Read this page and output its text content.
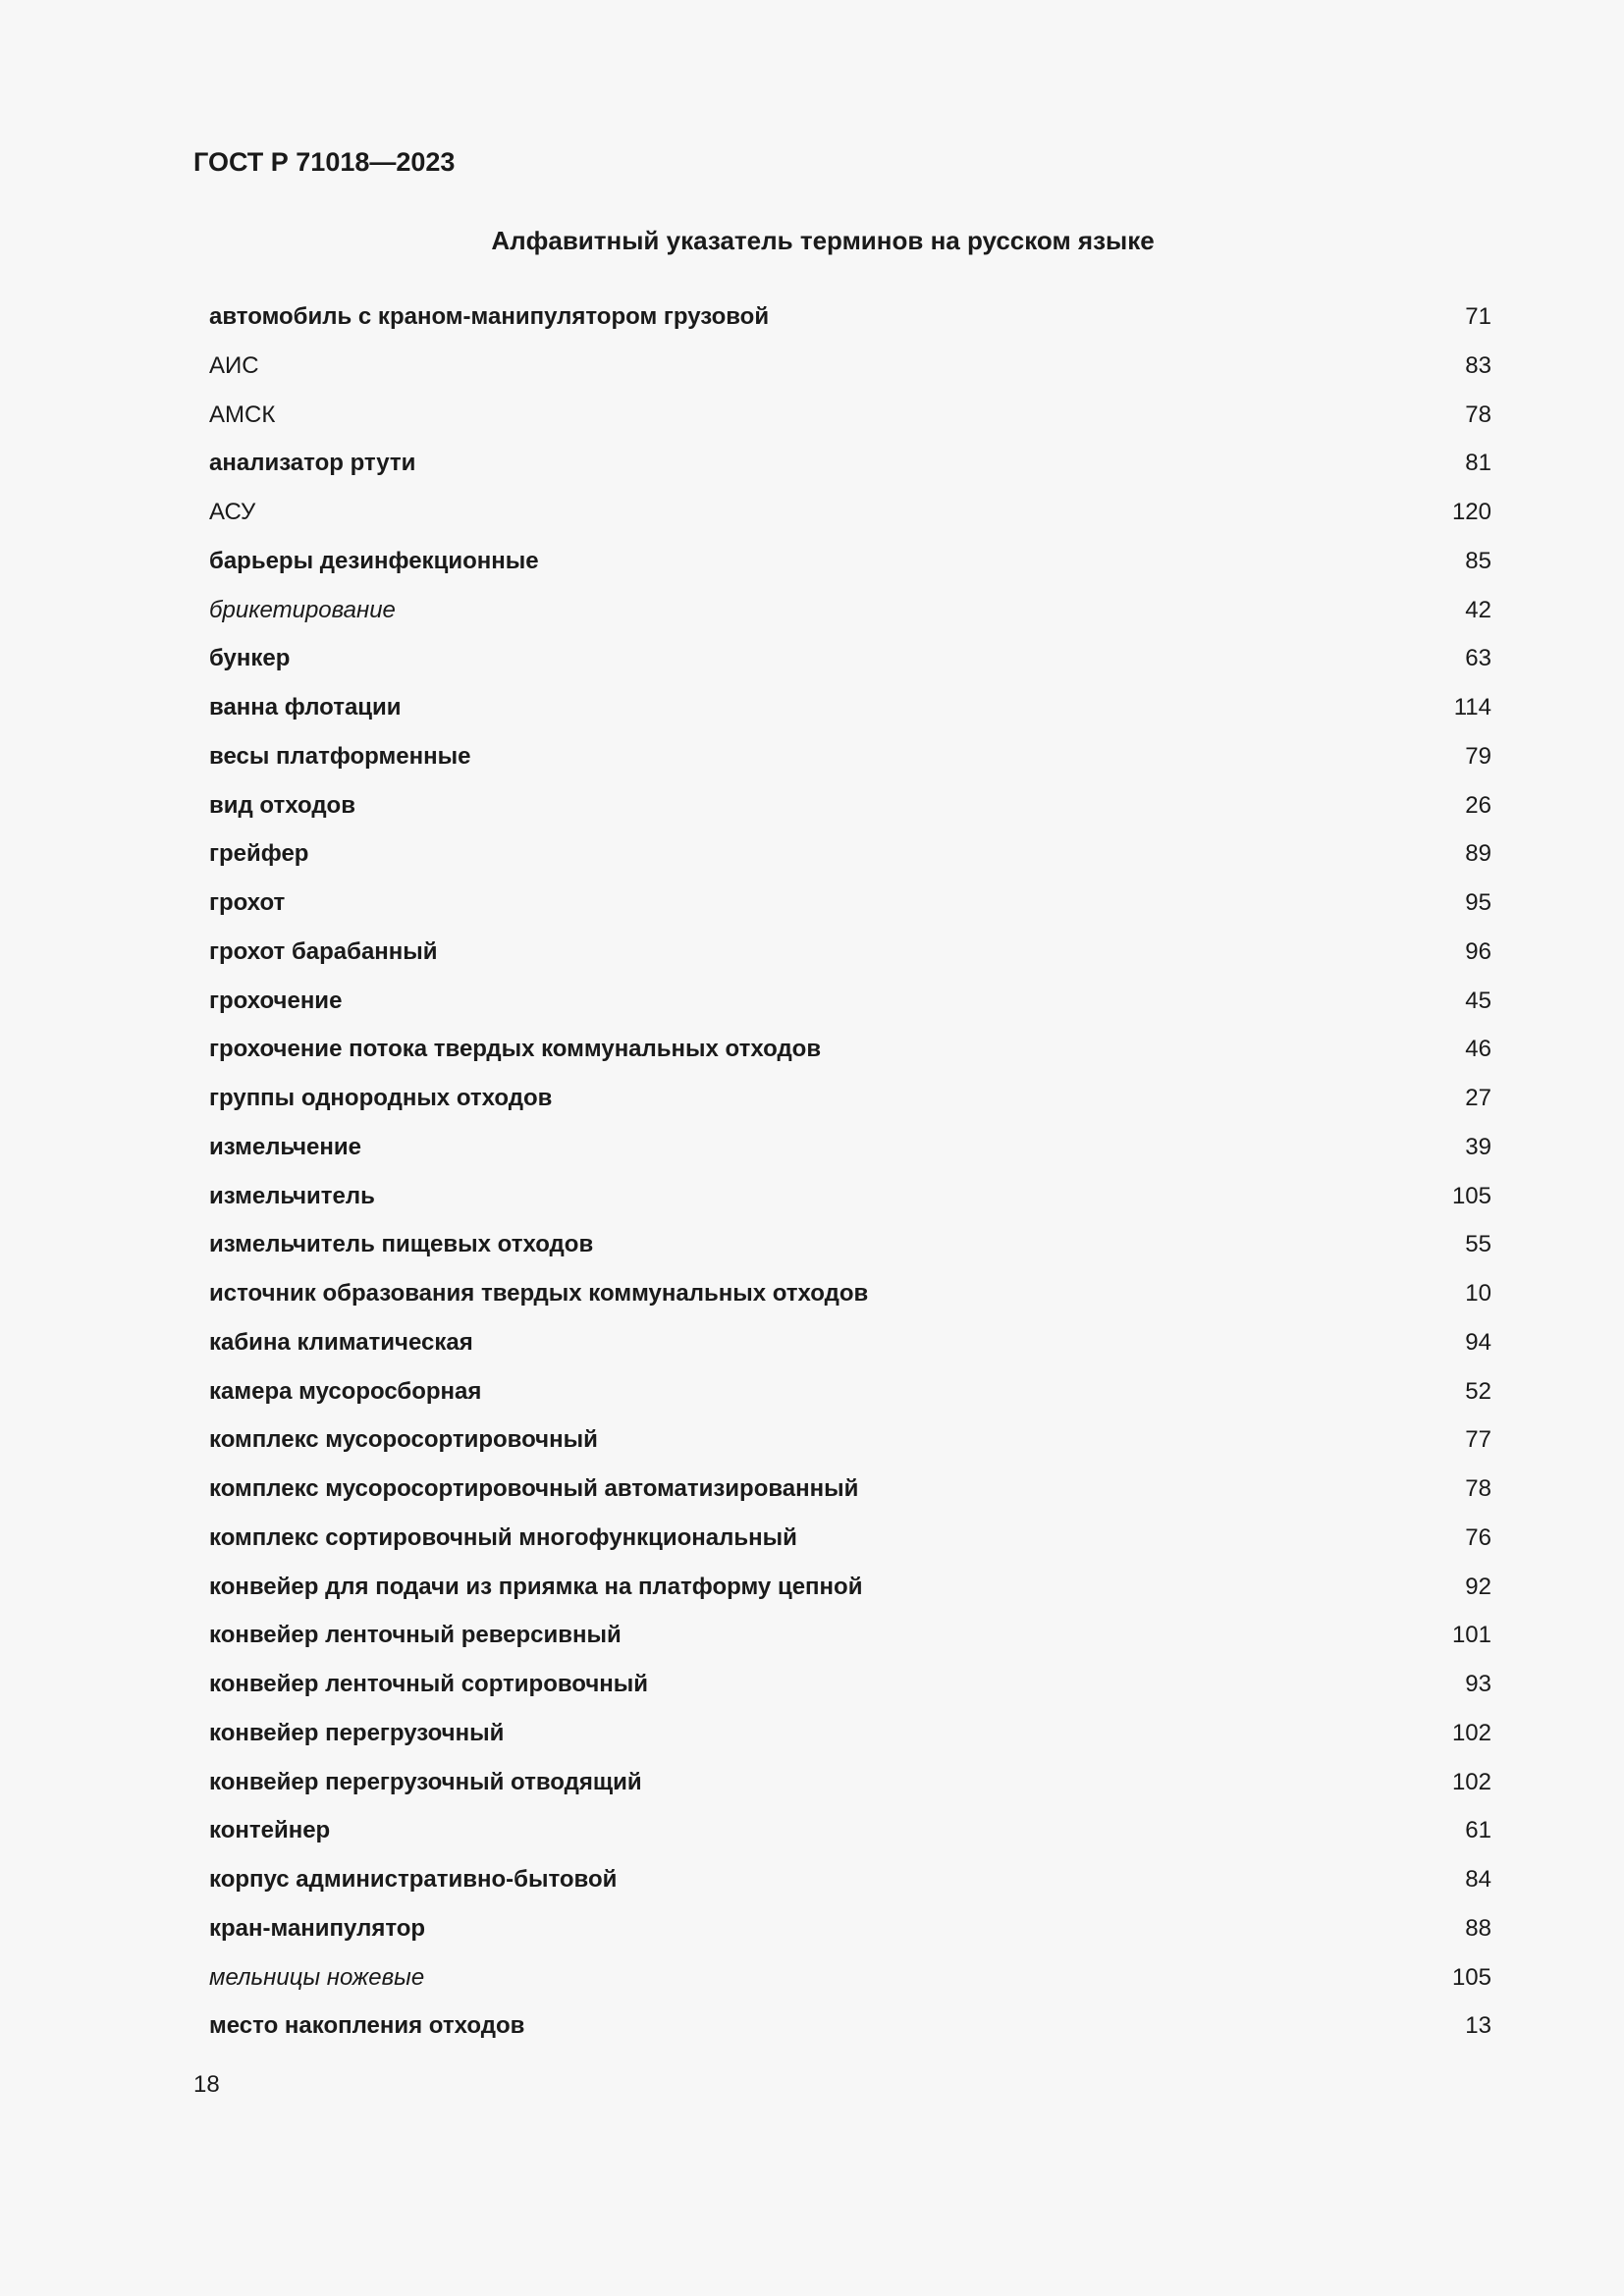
ГОСТ Р 71018—2023
Алфавитный указатель терминов на русском языке
автомобиль с краном-манипулятором грузовой	71
АИС	83
АМСК	78
анализатор ртути	81
АСУ	120
барьеры дезинфекционные	85
брикетирование	42
бункер	63
ванна флотации	114
весы платформенные	79
вид отходов	26
грейфер	89
грохот	95
грохот барабанный	96
грохочение	45
грохочение потока твердых коммунальных отходов	46
группы однородных отходов	27
измельчение	39
измельчитель	105
измельчитель пищевых отходов	55
источник образования твердых коммунальных отходов	10
кабина климатическая	94
камера мусоросборная	52
комплекс мусоросортировочный	77
комплекс мусоросортировочный автоматизированный	78
комплекс сортировочный многофункциональный	76
конвейер для подачи из приямка на платформу цепной	92
конвейер ленточный реверсивный	101
конвейер ленточный сортировочный	93
конвейер перегрузочный	102
конвейер перегрузочный отводящий	102
контейнер	61
корпус административно-бытовой	84
кран-манипулятор	88
мельницы ножевые	105
место накопления отходов	13
18
